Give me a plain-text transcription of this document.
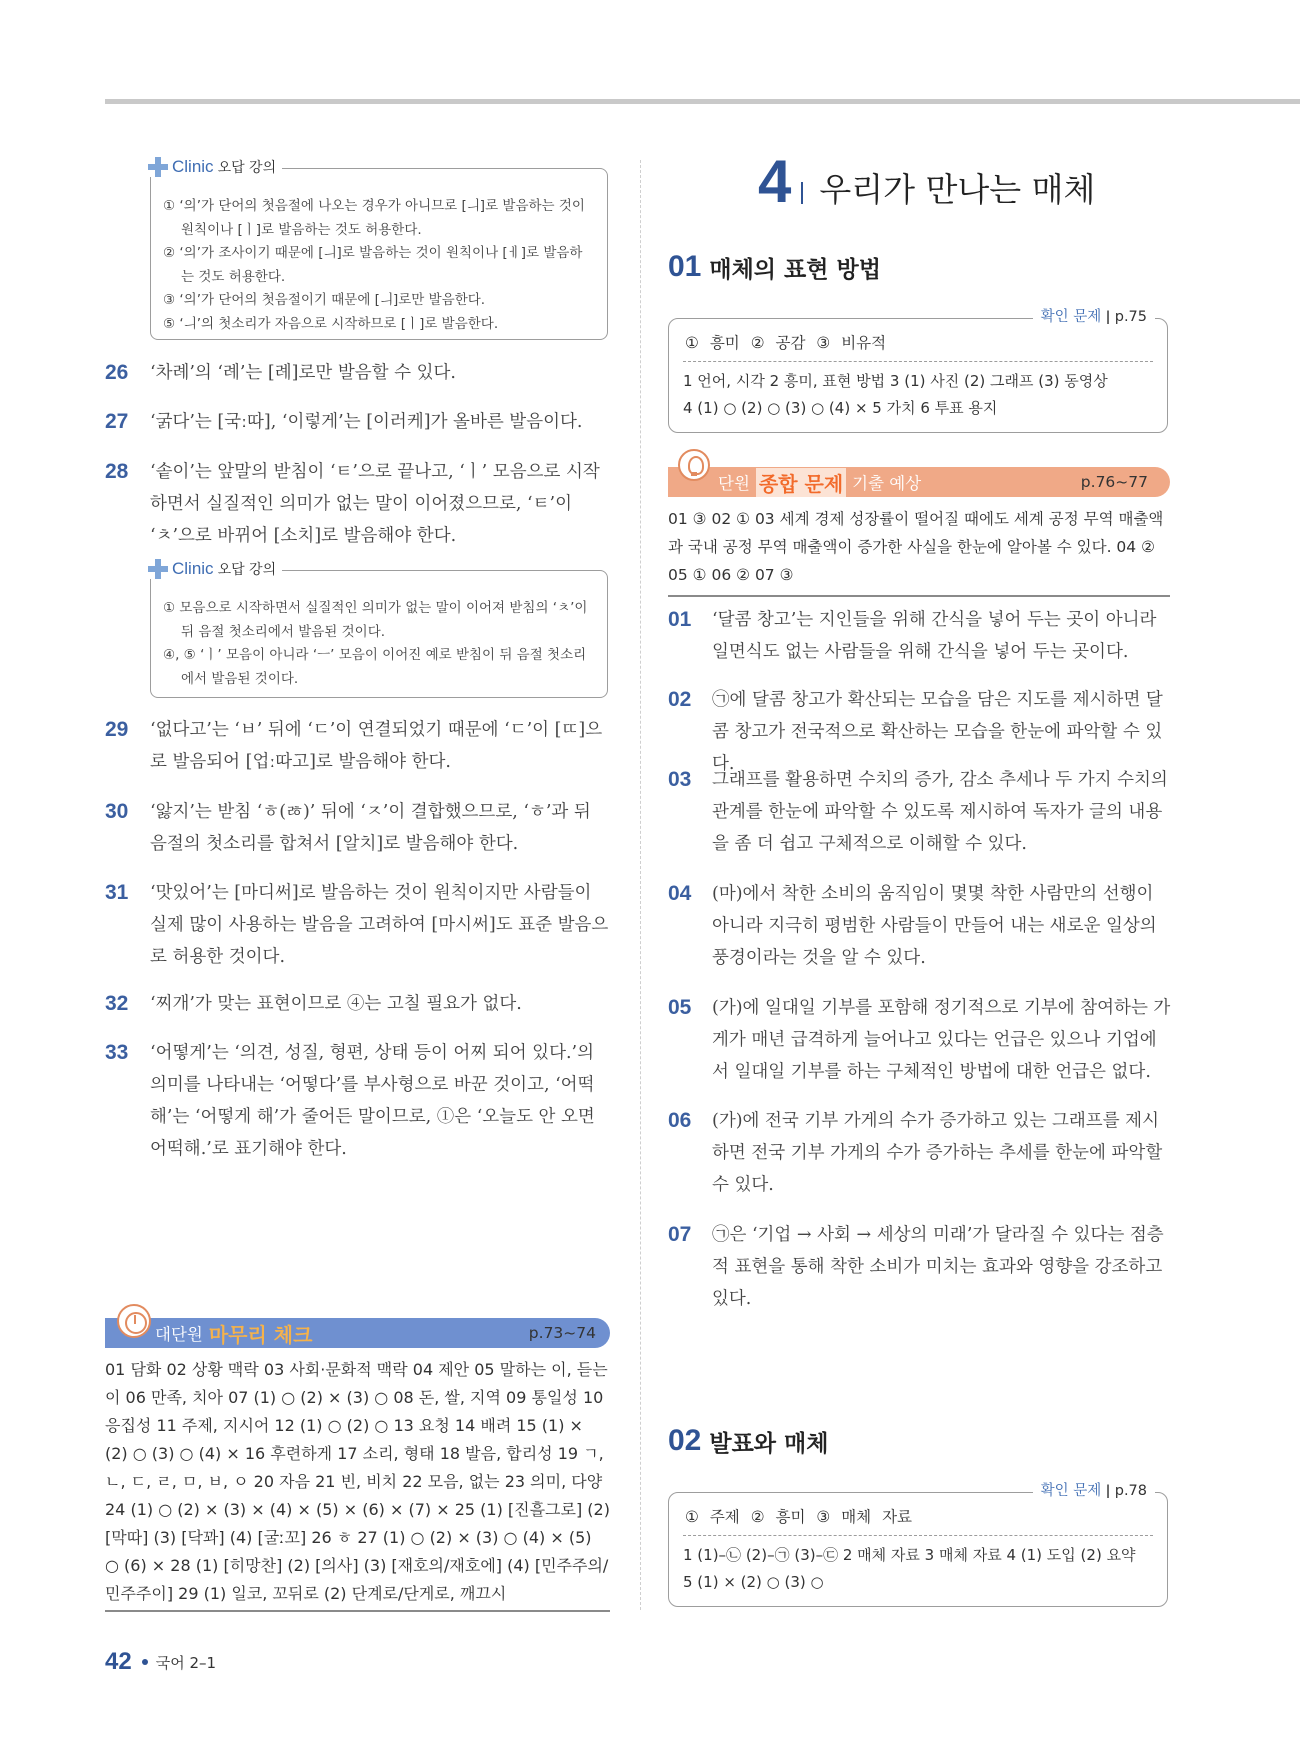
Clinic 오답 강의
① ‘의’가 단어의 첫음절에 나오는 경우가 아니므로 [ㅢ]로 발음하는 것이 원칙이나 [ㅣ]로 발음하는 것도 허용한다.
② ‘의’가 조사이기 때문에 [ㅢ]로 발음하는 것이 원칙이나 [ㅔ]로 발음하는 것도 허용한다.
③ ‘의’가 단어의 첫음절이기 때문에 [ㅢ]로만 발음한다.
⑤ ‘ㅢ’의 첫소리가 자음으로 시작하므로 [ㅣ]로 발음한다.
26	‘차례’의 ‘례’는 [례]로만 발음할 수 있다.
27	‘굵다’는 [국ː따], ‘이렇게’는 [이러케]가 올바른 발음이다.
28	‘솥이’는 앞말의 받침이 ‘ㅌ’으로 끝나고, ‘ㅣ’ 모음으로 시작하면서 실질적인 의미가 없는 말이 이어졌으므로, ‘ㅌ’이 ‘ㅊ’으로 바뀌어 [소치]로 발음해야 한다.
Clinic 오답 강의
① 모음으로 시작하면서 실질적인 의미가 없는 말이 이어져 받침의 ‘ㅊ’이 뒤 음절 첫소리에서 발음된 것이다.
④, ⑤ ‘ㅣ’ 모음이 아니라 ‘ㅡ’ 모음이 이어진 예로 받침이 뒤 음절 첫소리에서 발음된 것이다.
29	‘없다고’는 ‘ㅂ’ 뒤에 ‘ㄷ’이 연결되었기 때문에 ‘ㄷ’이 [ㄸ]으로 발음되어 [업ː따고]로 발음해야 한다.
30	‘앓지’는 받침 ‘ㅎ(ㅀ)’ 뒤에 ‘ㅈ’이 결합했으므로, ‘ㅎ’과 뒤 음절의 첫소리를 합쳐서 [알치]로 발음해야 한다.
31	‘맛있어’는 [마디써]로 발음하는 것이 원칙이지만 사람들이 실제 많이 사용하는 발음을 고려하여 [마시써]도 표준 발음으로 허용한 것이다.
32	‘찌개’가 맞는 표현이므로 ④는 고칠 필요가 없다.
33	‘어떻게’는 ‘의견, 성질, 형편, 상태 등이 어찌 되어 있다.’의 의미를 나타내는 ‘어떻다’를 부사형으로 바꾼 것이고, ‘어떡해’는 ‘어떻게 해’가 줄어든 말이므로, ①은 ‘오늘도 안 오면 어떡해.’로 표기해야 한다.
대단원 마무리 체크	p.73~74
01 담화 02 상황 맥락 03 사회·문화적 맥락 04 제안 05 말하는 이, 듣는 이 06 만족, 치아 07 (1) ○ (2) × (3) ○ 08 돈, 쌀, 지역 09 통일성 10 응집성 11 주제, 지시어 12 (1) ○ (2) ○ 13 요청 14 배려 15 (1) × (2) ○ (3) ○ (4) × 16 후련하게 17 소리, 형태 18 발음, 합리성 19 ㄱ, ㄴ, ㄷ, ㄹ, ㅁ, ㅂ, ㅇ 20 자음 21 빈, 비치 22 모음, 없는 23 의미, 다양 24 (1) ○ (2) × (3) × (4) × (5) × (6) × (7) × 25 (1) [진흘그로] (2) [막따] (3) [닥꽈] (4) [굴ː꼬] 26 ㅎ 27 (1) ○ (2) × (3) ○ (4) × (5) ○ (6) × 28 (1) [히망찬] (2) [의사] (3) [재호의/재호에] (4) [민주주의/민주주이] 29 (1) 일코, 꼬뒤로 (2) 단계로/단게로, 깨끄시
4 우리가 만나는 매체
01 매체의 표현 방법
확인 문제 ǀ p.75
① 흥미 ② 공감 ③ 비유적
1 언어, 시각 2 흥미, 표현 방법 3 (1) 사진 (2) 그래프 (3) 동영상
4 (1) ○ (2) ○ (3) ○ (4) × 5 가치 6 투표 용지
단원 종합 문제 기출 예상	p.76~77
01 ③ 02 ① 03 세계 경제 성장률이 떨어질 때에도 세계 공정 무역 매출액과 국내 공정 무역 매출액이 증가한 사실을 한눈에 알아볼 수 있다. 04 ② 05 ① 06 ② 07 ③
01	‘달콤 창고’는 지인들을 위해 간식을 넣어 두는 곳이 아니라 일면식도 없는 사람들을 위해 간식을 넣어 두는 곳이다.
02	㉠에 달콤 창고가 확산되는 모습을 담은 지도를 제시하면 달콤 창고가 전국적으로 확산하는 모습을 한눈에 파악할 수 있다.
03	그래프를 활용하면 수치의 증가, 감소 추세나 두 가지 수치의 관계를 한눈에 파악할 수 있도록 제시하여 독자가 글의 내용을 좀 더 쉽고 구체적으로 이해할 수 있다.
04	(마)에서 착한 소비의 움직임이 몇몇 착한 사람만의 선행이 아니라 지극히 평범한 사람들이 만들어 내는 새로운 일상의 풍경이라는 것을 알 수 있다.
05	(가)에 일대일 기부를 포함해 정기적으로 기부에 참여하는 가게가 매년 급격하게 늘어나고 있다는 언급은 있으나 기업에서 일대일 기부를 하는 구체적인 방법에 대한 언급은 없다.
06	(가)에 전국 기부 가게의 수가 증가하고 있는 그래프를 제시하면 전국 기부 가게의 수가 증가하는 추세를 한눈에 파악할 수 있다.
07	㉠은 ‘기업 → 사회 → 세상의 미래’가 달라질 수 있다는 점층적 표현을 통해 착한 소비가 미치는 효과와 영향을 강조하고 있다.
02 발표와 매체
확인 문제 ǀ p.78
① 주제 ② 흥미 ③ 매체 자료
1 (1)–㉡ (2)–㉠ (3)–㉢ 2 매체 자료 3 매체 자료 4 (1) 도입 (2) 요약
5 (1) × (2) ○ (3) ○
42 국어 2–1
